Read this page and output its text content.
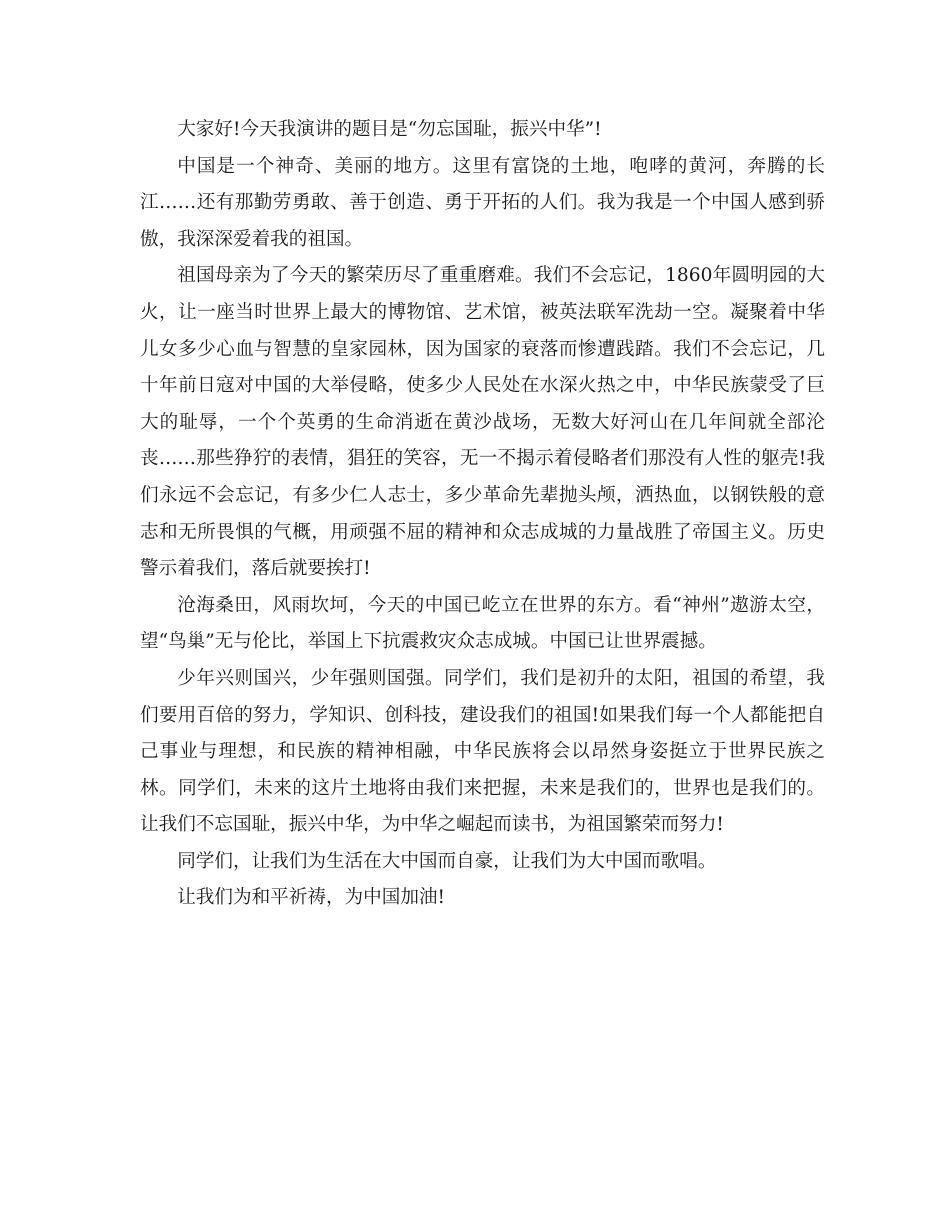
大家好!今天我演讲的题目是“勿忘国耻，振兴中华”!

中国是一个神奇、美丽的地方。这里有富饶的土地，咆哮的黄河，奔腾的长江……还有那勤劳勇敢、善于创造、勇于开拓的人们。我为我是一个中国人感到骄傲，我深深爱着我的祖国。

祖国母亲为了今天的繁荣历尽了重重磨难。我们不会忘记，1860年圆明园的大火，让一座当时世界上最大的博物馆、艺术馆，被英法联军洗劫一空。凝聚着中华儿女多少心血与智慧的皇家园林，因为国家的衰落而惨遭践踏。我们不会忘记，几十年前日寇对中国的大举侵略，使多少人民处在水深火热之中，中华民族蒙受了巨大的耻辱，一个个英勇的生命消逝在黄沙战场，无数大好河山在几年间就全部沦丧……那些狰狞的表情，猖狂的笑容，无一不揭示着侵略者们那没有人性的躯壳!我们永远不会忘记，有多少仁人志士，多少革命先辈抛头颅，洒热血，以钢铁般的意志和无所畏惧的气概，用顽强不屈的精神和众志成城的力量战胜了帝国主义。历史警示着我们，落后就要挨打!

沧海桑田，风雨坎坷，今天的中国已屹立在世界的东方。看“神州”遨游太空，望“鸟巢”无与伦比，举国上下抗震救灾众志成城。中国已让世界震撼。

少年兴则国兴，少年强则国强。同学们，我们是初升的太阳，祖国的希望，我们要用百倍的努力，学知识、创科技，建设我们的祖国!如果我们每一个人都能把自己事业与理想，和民族的精神相融，中华民族将会以昂然身姿挺立于世界民族之林。同学们，未来的这片土地将由我们来把握，未来是我们的，世界也是我们的。让我们不忘国耻，振兴中华，为中华之崛起而读书，为祖国繁荣而努力!

同学们，让我们为生活在大中国而自豪，让我们为大中国而歌唱。

让我们为和平祈祷，为中国加油!
